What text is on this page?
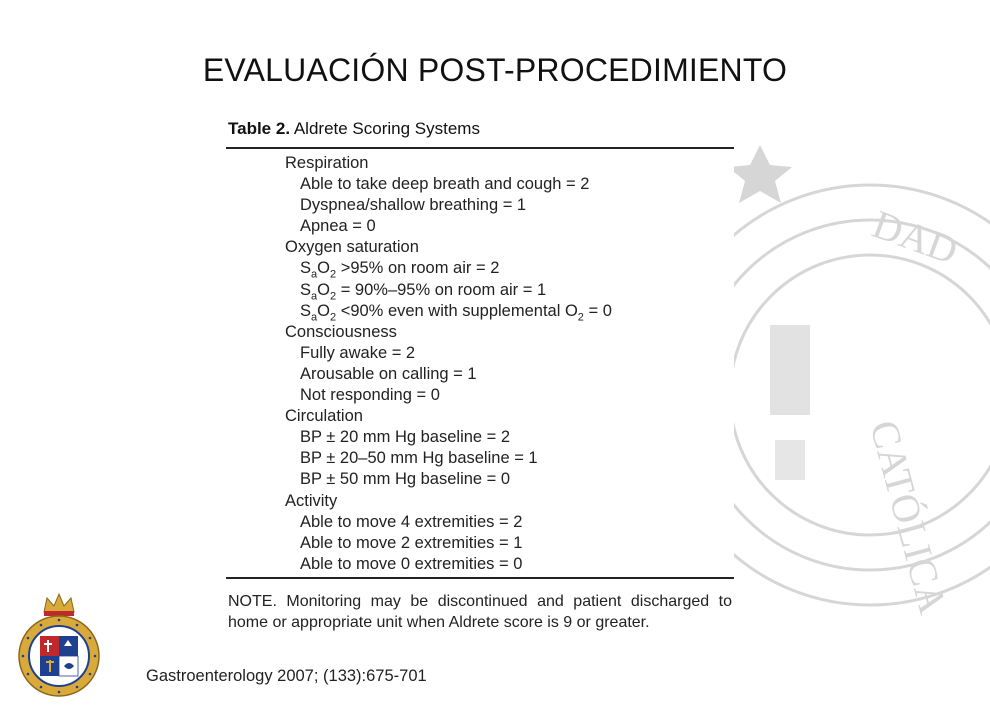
DAD
CATÓLICA
EVALUACIÓN POST-PROCEDIMIENTO
Table 2. Aldrete Scoring Systems
Respiration
Able to take deep breath and cough = 2
Dyspnea/shallow breathing = 1
Apnea = 0
Oxygen saturation
$S_aO_2 >95\%$ on room air = 2
$S_aO_2 = 90\%-95\%$ on room air = 1
$S_aO_2 <90\%$ even with supplemental $O_2 = 0$
Consciousness
Fully awake = 2
Arousable on calling = 1
Not responding = 0
Circulation
BP ± 20 mm Hg baseline = 2
BP ± 20–50 mm Hg baseline = 1
BP ± 50 mm Hg baseline = 0
Activity
Able to move 4 extremities = 2
Able to move 2 extremities = 1
Able to move 0 extremities = 0
NOTE. Monitoring may be discontinued and patient discharged to home or appropriate unit when Aldrete score is 9 or greater.
Gastroenterology 2007; (133):675-701
